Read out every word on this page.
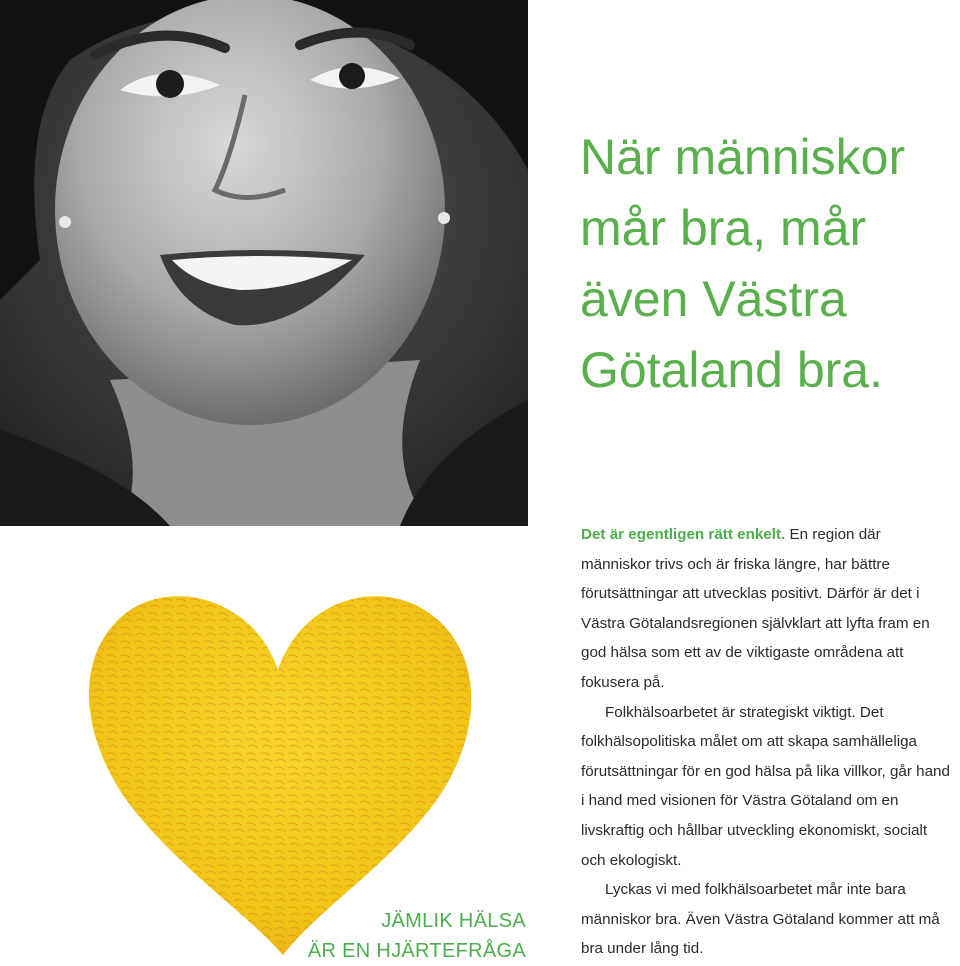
JÄMLIK HÄLSA
ÄR EN HJÄRTEFRÅGA
När människor
mår bra, mår
även Västra
Götaland bra.

Det är egentligen rätt enkelt. En region där människor trivs och är friska längre, har bättre förutsättningar att utvecklas positivt. Därför är det i Västra Götalandsregionen självklart att lyfta fram en god hälsa som ett av de viktigaste områdena att fokusera på.

Folkhälsoarbetet är strategiskt viktigt. Det folkhälsopolitiska målet om att skapa samhälleliga förutsättningar för en god hälsa på lika villkor, går hand i hand med visionen för Västra Götaland om en livskraftig och hållbar utveckling ekonomiskt, socialt och ekologiskt.

Lyckas vi med folkhälsoarbetet mår inte bara människor bra. Även Västra Götaland kommer att må bra under lång tid.
